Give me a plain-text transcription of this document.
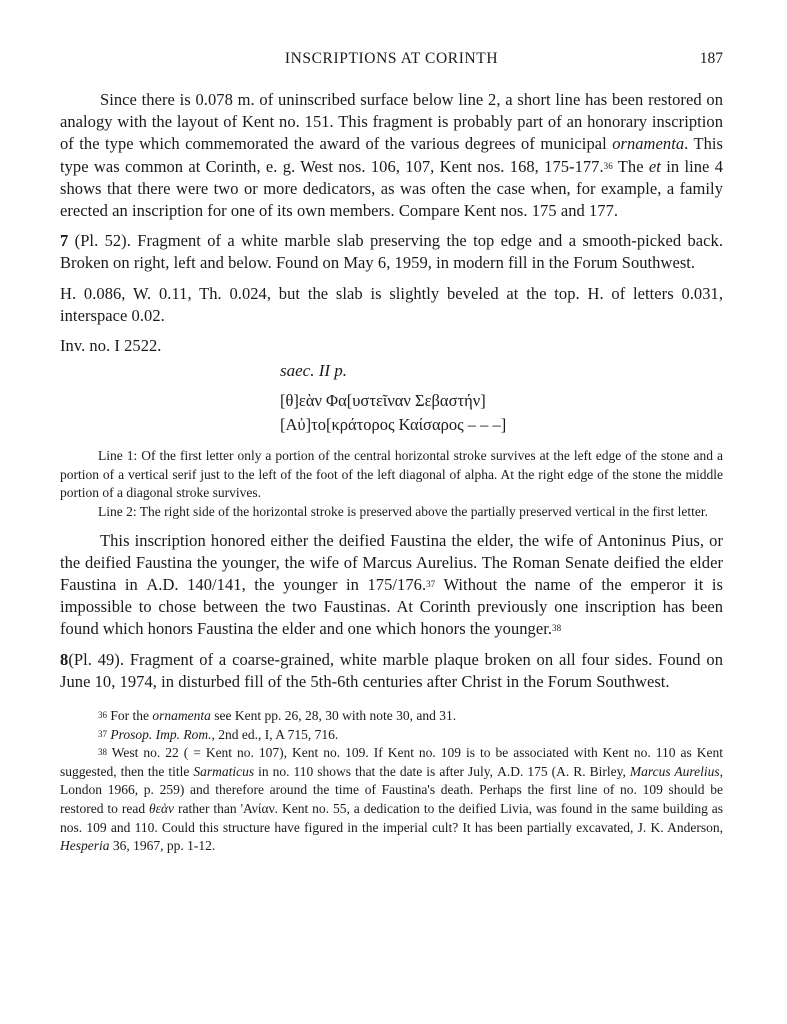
INSCRIPTIONS AT CORINTH	187

Since there is 0.078 m. of uninscribed surface below line 2, a short line has been restored on analogy with the layout of Kent no. 151. This fragment is probably part of an honorary inscription of the type which commemorated the award of the various degrees of municipal ornamenta. This type was common at Corinth, e. g. West nos. 106, 107, Kent nos. 168, 175-177.36 The et in line 4 shows that there were two or more dedicators, as was often the case when, for example, a family erected an inscription for one of its own members. Compare Kent nos. 175 and 177.

7 (Pl. 52). Fragment of a white marble slab preserving the top edge and a smooth-picked back. Broken on right, left and below. Found on May 6, 1959, in modern fill in the Forum Southwest.

H. 0.086, W. 0.11, Th. 0.024, but the slab is slightly beveled at the top. H. of letters 0.031, interspace 0.02.

Inv. no. I 2522.

saec. II p.
[θ]εὰν Φα[υστεῖναν Σεβαστήν]
[Αὐ]το[κράτορος Καίσαρος – – –]

Line 1: Of the first letter only a portion of the central horizontal stroke survives at the left edge of the stone and a portion of a vertical serif just to the left of the foot of the left diagonal of alpha. At the right edge of the stone the middle portion of a diagonal stroke survives.

Line 2: The right side of the horizontal stroke is preserved above the partially preserved vertical in the first letter.

This inscription honored either the deified Faustina the elder, the wife of Antoninus Pius, or the deified Faustina the younger, the wife of Marcus Aurelius. The Roman Senate deified the elder Faustina in A.D. 140/141, the younger in 175/176.37 Without the name of the emperor it is impossible to chose between the two Faustinas. At Corinth previously one inscription has been found which honors Faustina the elder and one which honors the younger.$^{38}$

8(Pl. 49). Fragment of a coarse-grained, white marble plaque broken on all four sides. Found on June 10, 1974, in disturbed fill of the 5th-6th centuries after Christ in the Forum Southwest.

$^{36}$ For the ornamenta see Kent pp. 26, 28, 30 with note 30, and 31.

$^{37}$ Prosop. Imp. Rom., 2nd ed., I, A 715, 716.

$^{38}$ West no. 22 ( = Kent no. 107), Kent no. 109. If Kent no. 109 is to be associated with Kent no. 110 as Kent suggested, then the title Sarmaticus in no. 110 shows that the date is after July, A.D. 175 (A. R. Birley, Marcus Aurelius, London 1966, p. 259) and therefore around the time of Faustina's death. Perhaps the first line of no. 109 should be restored to read θεὰν rather than 'Ανίαν. Kent no. 55, a dedication to the deified Livia, was found in the same building as nos. 109 and 110. Could this structure have figured in the imperial cult? It has been partially excavated, J. K. Anderson, Hesperia 36, 1967, pp. 1-12.
